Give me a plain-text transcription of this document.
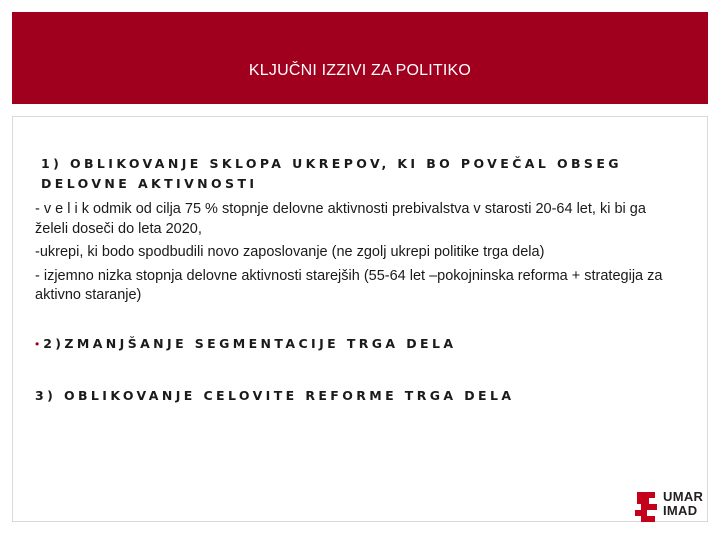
KLJUČNI IZZIVI ZA POLITIKO
1) OBLIKOVANJE SKLOPA UKREPOV, KI BO POVEČAL OBSEG DELOVNE AKTIVNOSTI

- v e l i k odmik od cilja 75 % stopnje delovne aktivnosti prebivalstva v starosti 20-64 let, ki bi ga želeli doseči do leta 2020,

-ukrepi, ki bodo spodbudili novo zaposlovanje (ne zgolj ukrepi politike trga dela)

- izjemno nizka stopnja delovne aktivnosti starejših (55-64 let –pokojninska reforma + strategija za aktivno staranje)

• 2)ZMANJŠANJE SEGMENTACIJE TRGA DELA
3) OBLIKOVANJE CELOVITE REFORME TRGA DELA
UMAR
IMAD
